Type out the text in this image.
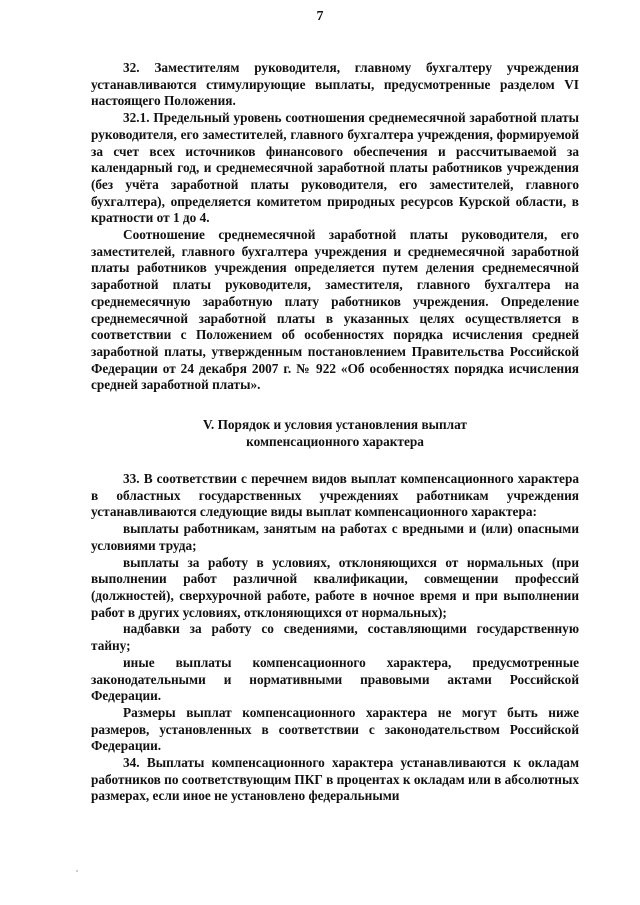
7

32. Заместителям руководителя, главному бухгалтеру учреждения устанавливаются стимулирующие выплаты, предусмотренные разделом VI настоящего Положения.

32.1. Предельный уровень соотношения среднемесячной заработной платы руководителя, его заместителей, главного бухгалтера учреждения, формируемой за счет всех источников финансового обеспечения и рассчитываемой за календарный год, и среднемесячной заработной платы работников учреждения (без учёта заработной платы руководителя, его заместителей, главного бухгалтера), определяется комитетом природных ресурсов Курской области, в кратности от 1 до 4.

Соотношение среднемесячной заработной платы руководителя, его заместителей, главного бухгалтера учреждения и среднемесячной заработной платы работников учреждения определяется путем деления среднемесячной заработной платы руководителя, заместителя, главного бухгалтера на среднемесячную заработную плату работников учреждения. Определение среднемесячной заработной платы в указанных целях осуществляется в соответствии с Положением об особенностях порядка исчисления средней заработной платы, утвержденным постановлением Правительства Российской Федерации от 24 декабря 2007 г. № 922 «Об особенностях порядка исчисления средней заработной платы».

V. Порядок и условия установления выплат
компенсационного характера

33. В соответствии с перечнем видов выплат компенсационного характера в областных государственных учреждениях работникам учреждения устанавливаются следующие виды выплат компенсационного характера:

выплаты работникам, занятым на работах с вредными и (или) опасными условиями труда;

выплаты за работу в условиях, отклоняющихся от нормальных (при выполнении работ различной квалификации, совмещении профессий (должностей), сверхурочной работе, работе в ночное время и при выполнении работ в других условиях, отклоняющихся от нормальных);

надбавки за работу со сведениями, составляющими государственную тайну;

иные выплаты компенсационного характера, предусмотренные законодательными и нормативными правовыми актами Российской Федерации.

Размеры выплат компенсационного характера не могут быть ниже размеров, установленных в соответствии с законодательством Российской Федерации.

34. Выплаты компенсационного характера устанавливаются к окладам работников по соответствующим ПКГ в процентах к окладам или в абсолютных размерах, если иное не установлено федеральными
